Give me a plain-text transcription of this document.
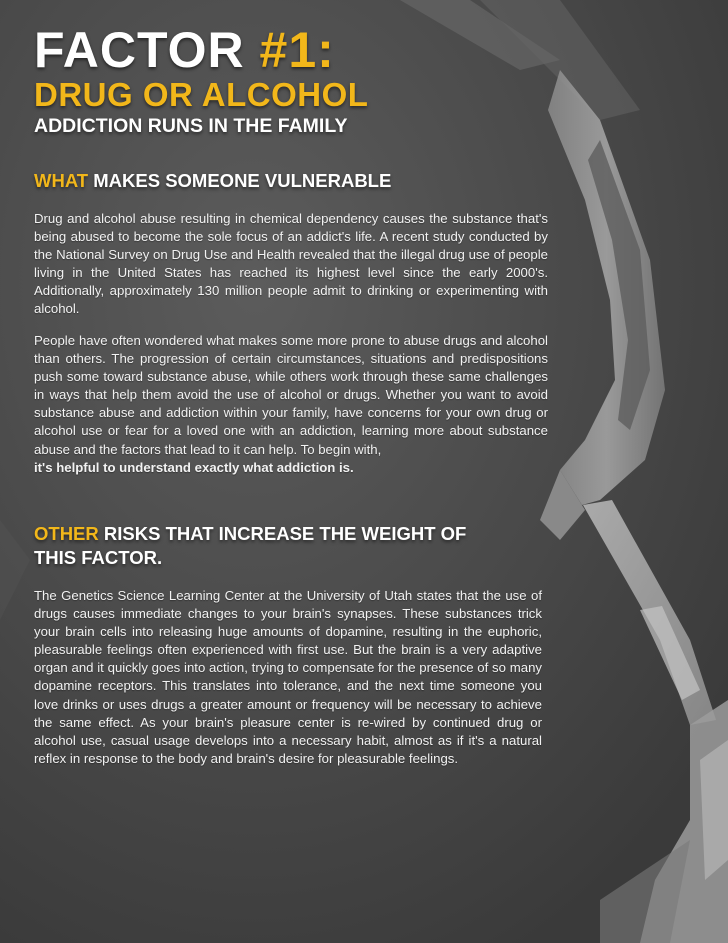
FACTOR #1:
DRUG OR ALCOHOL
ADDICTION RUNS IN THE FAMILY
WHAT MAKES SOMEONE VULNERABLE
Drug and alcohol abuse resulting in chemical dependency causes the substance that's being abused to become the sole focus of an addict's life. A recent study conducted by the National Survey on Drug Use and Health revealed that the illegal drug use of people living in the United States has reached its highest level since the early 2000's. Additionally, approximately 130 million people admit to drinking or experimenting with alcohol.
People have often wondered what makes some more prone to abuse drugs and alcohol than others. The progression of certain circumstances, situations and predispositions push some toward substance abuse, while others work through these same challenges in ways that help them avoid the use of alcohol or drugs. Whether you want to avoid substance abuse and addiction within your family, have concerns for your own drug or alcohol use or fear for a loved one with an addiction, learning more about substance abuse and the factors that lead to it can help. To begin with,
it's helpful to understand exactly what addiction is.
OTHER RISKS THAT INCREASE THE WEIGHT OF
THIS FACTOR.
The Genetics Science Learning Center at the University of Utah states that the use of drugs causes immediate changes to your brain's synapses. These substances trick your brain cells into releasing huge amounts of dopamine, resulting in the euphoric, pleasurable feelings often experienced with first use. But the brain is a very adaptive organ and it quickly goes into action, trying to compensate for the presence of so many dopamine receptors. This translates into tolerance, and the next time someone you love drinks or uses drugs a greater amount or frequency will be necessary to achieve the same effect. As your brain's pleasure center is re-wired by continued drug or alcohol use, casual usage develops into a necessary habit, almost as if it's a natural reflex in response to the body and brain's desire for pleasurable feelings.
